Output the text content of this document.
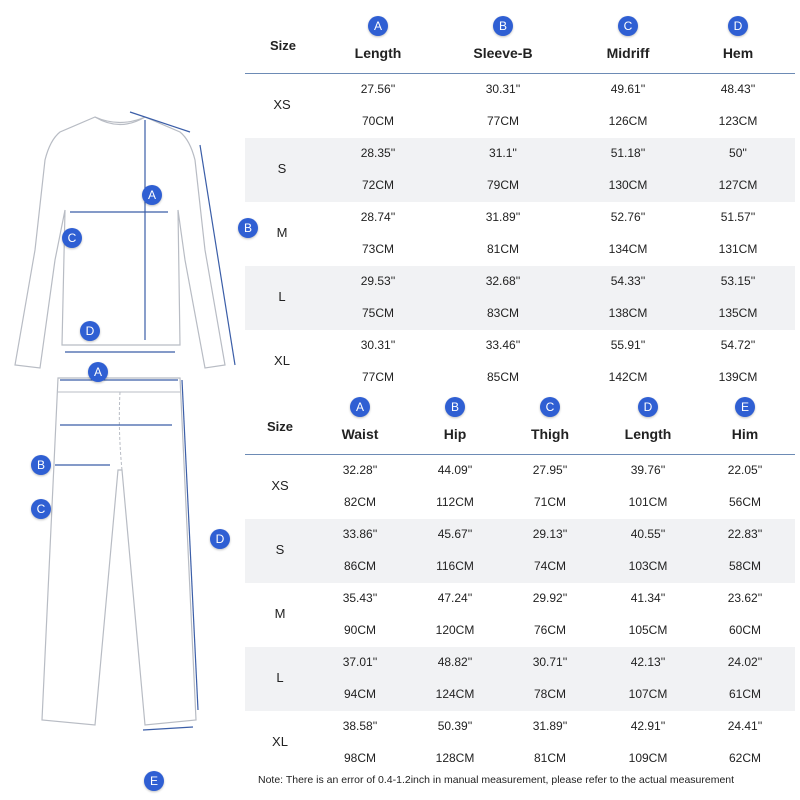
A
B
C
D
A
B
C
D
E
Size
A
Length
B
Sleeve-B
C
Midriff
D
Hem
XS
27.56''
70CM
30.31''
77CM
49.61''
126CM
48.43''
123CM
S
28.35''
72CM
31.1''
79CM
51.18''
130CM
50''
127CM
M
28.74''
73CM
31.89''
81CM
52.76''
134CM
51.57''
131CM
L
29.53''
75CM
32.68''
83CM
54.33''
138CM
53.15''
135CM
XL
30.31''
77CM
33.46''
85CM
55.91''
142CM
54.72''
139CM
Size
A
Waist
B
Hip
C
Thigh
D
Length
E
Him
XS
32.28''
82CM
44.09''
112CM
27.95''
71CM
39.76''
101CM
22.05''
56CM
S
33.86''
86CM
45.67''
116CM
29.13''
74CM
40.55''
103CM
22.83''
58CM
M
35.43''
90CM
47.24''
120CM
29.92''
76CM
41.34''
105CM
23.62''
60CM
L
37.01''
94CM
48.82''
124CM
30.71''
78CM
42.13''
107CM
24.02''
61CM
XL
38.58''
98CM
50.39''
128CM
31.89''
81CM
42.91''
109CM
24.41''
62CM
Note: There is an error of 0.4-1.2inch in manual measurement, please refer to the actual measurement
